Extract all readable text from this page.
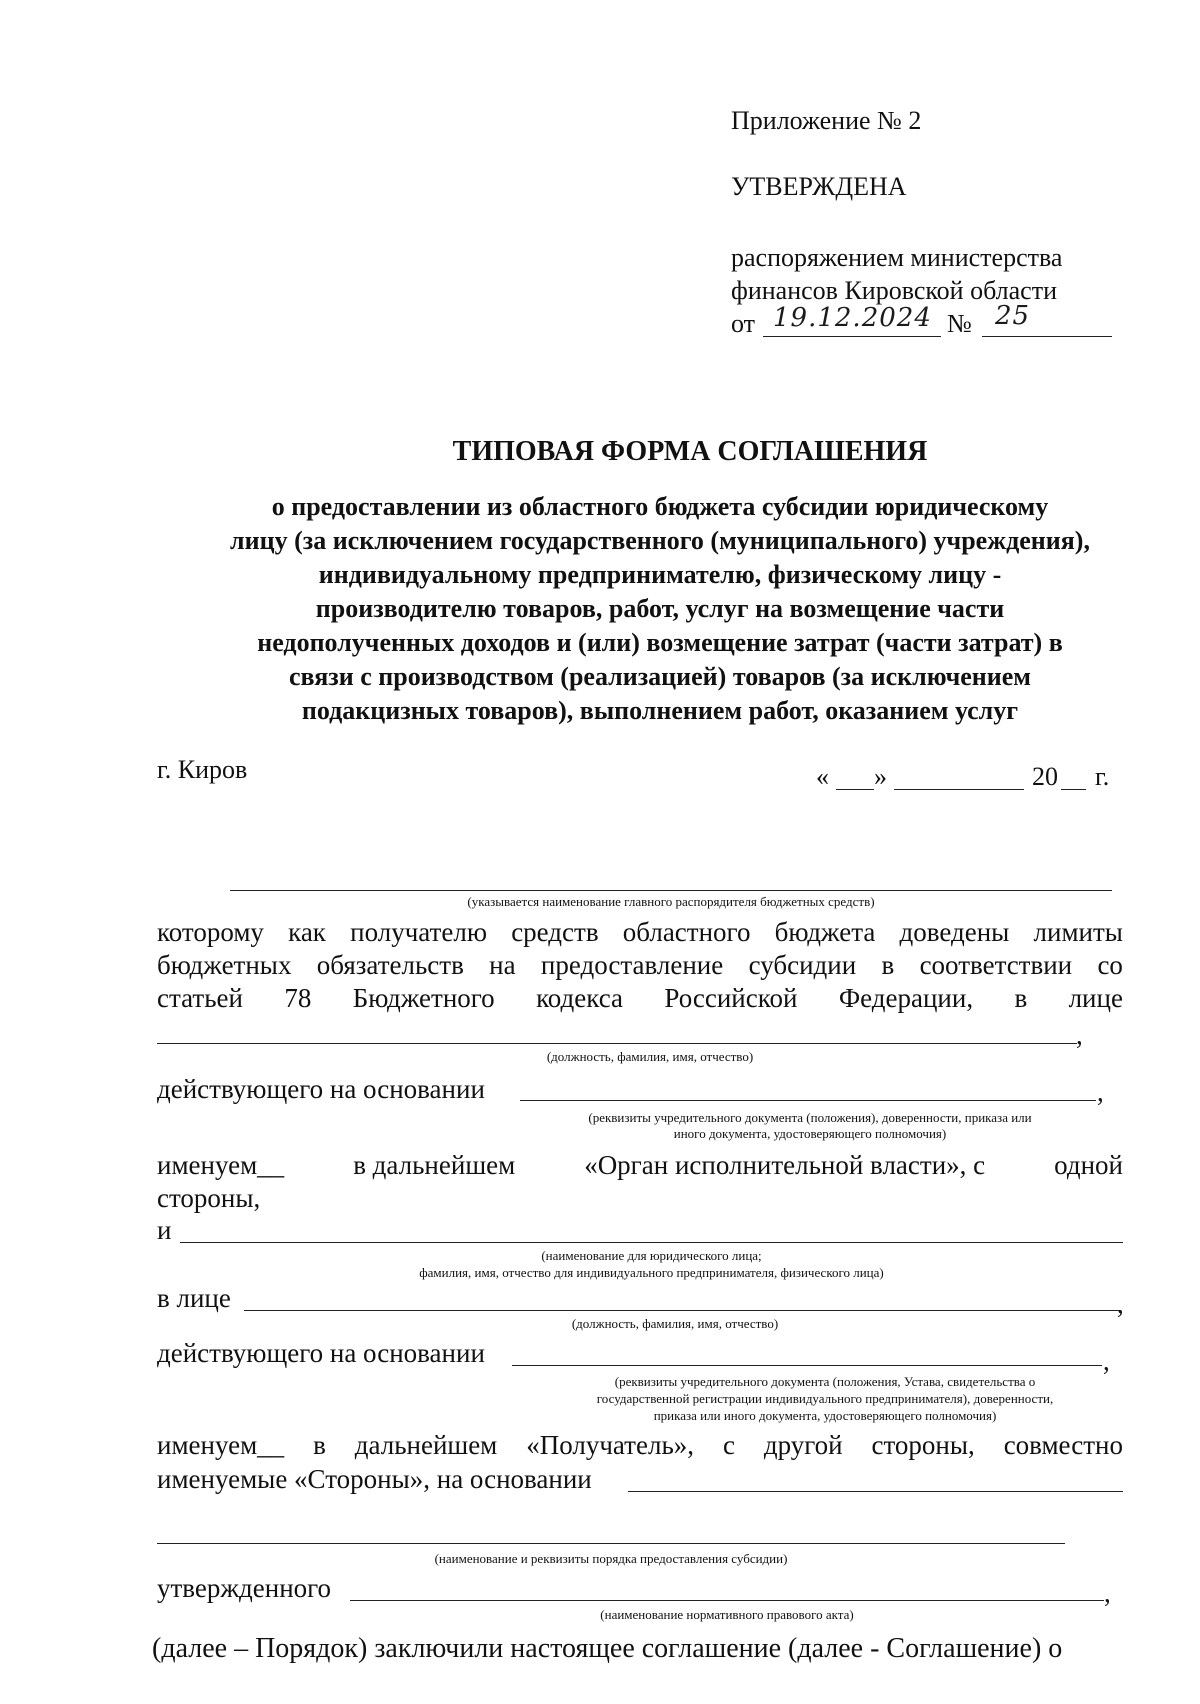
Приложение № 2
УТВЕРЖДЕНА
распоряжением министерства
финансов Кировской области
от 19.12.2024 № 25
ТИПОВАЯ ФОРМА СОГЛАШЕНИЯ
о предоставлении из областного бюджета субсидии юридическому
лицу (за исключением государственного (муниципального) учреждения),
индивидуальному предпринимателю, физическому лицу -
производителю товаров, работ, услуг на возмещение части
недополученных доходов и (или) возмещение затрат (части затрат) в
связи с производством (реализацией) товаров (за исключением
подакцизных товаров), выполнением работ, оказанием услуг
г. Киров	« »	20 г.
(указывается наименование главного распорядителя бюджетных средств)
которому как получателю средств областного бюджета доведены лимиты
бюджетных обязательств на предоставление субсидии в соответствии со
статьей 78 Бюджетного кодекса Российской Федерации, в лице
,
(должность, фамилия, имя, отчество)
действующего на основании	,
(реквизиты учредительного документа (положения), доверенности, приказа или
иного документа, удостоверяющего полномочия)
именуем__	в дальнейшем	«Орган исполнительной власти», с	одной
стороны,
и
(наименование для юридического лица;
фамилия, имя, отчество для индивидуального предпринимателя, физического лица)
в лице	,
(должность, фамилия, имя, отчество)
действующего на основании	,
(реквизиты учредительного документа (положения, Устава, свидетельства о
государственной регистрации индивидуального предпринимателя), доверенности,
приказа или иного документа, удостоверяющего полномочия)
именуем__ в дальнейшем «Получатель», с другой стороны, совместно
именуемые «Стороны», на основании
(наименование и реквизиты порядка предоставления субсидии)
утвержденного	,
(наименование нормативного правового акта)
(далее – Порядок) заключили настоящее соглашение (далее - Соглашение) о
